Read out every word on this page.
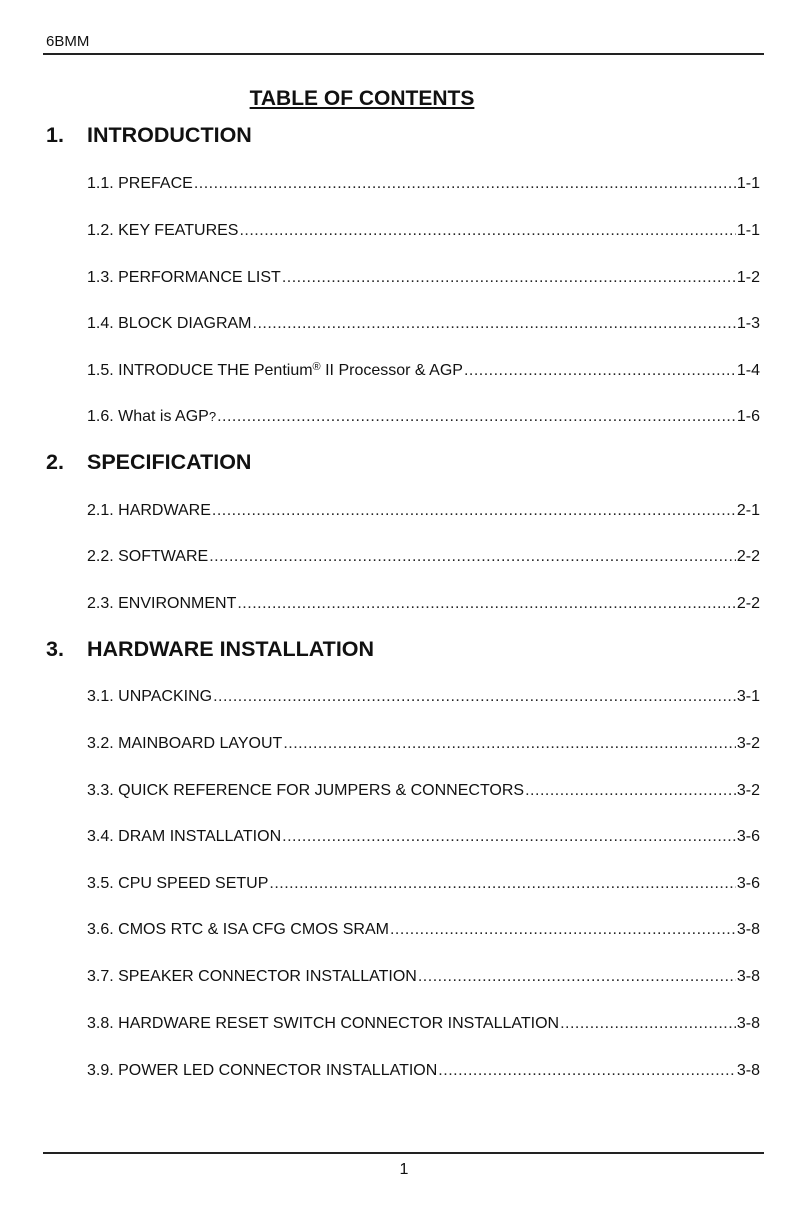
6BMM
TABLE OF CONTENTS
1. INTRODUCTION
1.1. PREFACE .....	1-1
1.2. KEY FEATURES .....	1-1
1.3. PERFORMANCE LIST .....	1-2
1.4. BLOCK DIAGRAM .....	1-3
1.5. INTRODUCE THE Pentium® II Processor & AGP .....	1-4
1.6. What is AGP? .....	1-6
2. SPECIFICATION
2.1. HARDWARE .....	2-1
2.2. SOFTWARE .....	2-2
2.3. ENVIRONMENT .....	2-2
3. HARDWARE INSTALLATION
3.1. UNPACKING .....	3-1
3.2. MAINBOARD LAYOUT .....	3-2
3.3. QUICK REFERENCE FOR JUMPERS & CONNECTORS .....	3-2
3.4. DRAM INSTALLATION .....	3-6
3.5. CPU SPEED SETUP .....	3-6
3.6. CMOS RTC & ISA CFG CMOS SRAM .....	3-8
3.7. SPEAKER CONNECTOR INSTALLATION .....	3-8
3.8. HARDWARE RESET SWITCH CONNECTOR INSTALLATION .....	3-8
3.9. POWER LED CONNECTOR INSTALLATION .....	3-8
1
